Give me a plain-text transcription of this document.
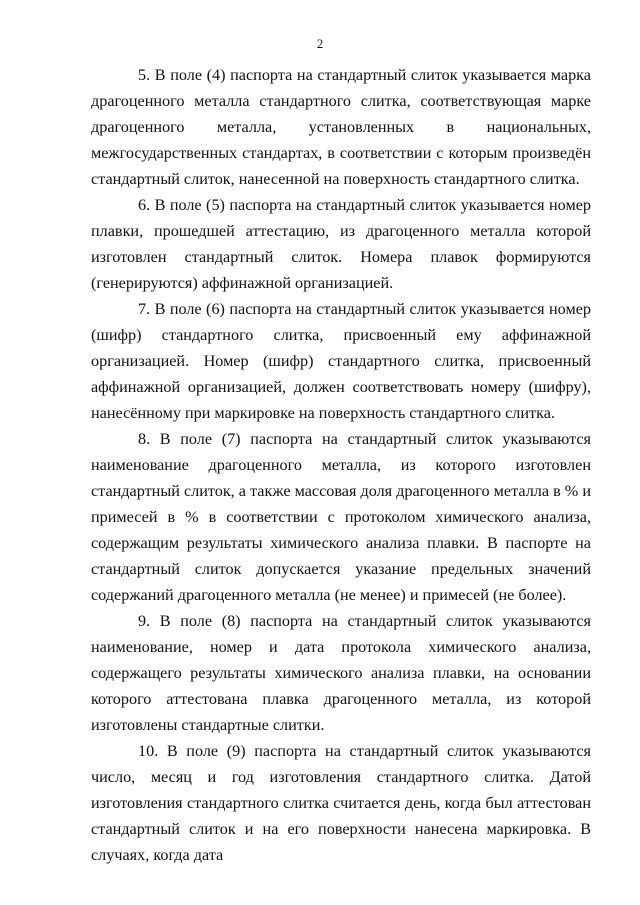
2

5. В поле (4) паспорта на стандартный слиток указывается марка драгоценного металла стандартного слитка, соответствующая марке драгоценного металла, установленных в национальных, межгосударственных стандартах, в соответствии с которым произведён стандартный слиток, нанесенной на поверхность стандартного слитка.

6. В поле (5) паспорта на стандартный слиток указывается номер плавки, прошедшей аттестацию, из драгоценного металла которой изготовлен стандартный слиток. Номера плавок формируются (генерируются) аффинажной организацией.

7. В поле (6) паспорта на стандартный слиток указывается номер (шифр) стандартного слитка, присвоенный ему аффинажной организацией. Номер (шифр) стандартного слитка, присвоенный аффинажной организацией, должен соответствовать номеру (шифру), нанесённому при маркировке на поверхность стандартного слитка.

8. В поле (7) паспорта на стандартный слиток указываются наименование драгоценного металла, из которого изготовлен стандартный слиток, а также массовая доля драгоценного металла в % и примесей в % в соответствии с протоколом химического анализа, содержащим результаты химического анализа плавки. В паспорте на стандартный слиток допускается указание предельных значений содержаний драгоценного металла (не менее) и примесей (не более).

9. В поле (8) паспорта на стандартный слиток указываются наименование, номер и дата протокола химического анализа, содержащего результаты химического анализа плавки, на основании которого аттестована плавка драгоценного металла, из которой изготовлены стандартные слитки.

10. В поле (9) паспорта на стандартный слиток указываются число, месяц и год изготовления стандартного слитка. Датой изготовления стандартного слитка считается день, когда был аттестован стандартный слиток и на его поверхности нанесена маркировка. В случаях, когда дата
